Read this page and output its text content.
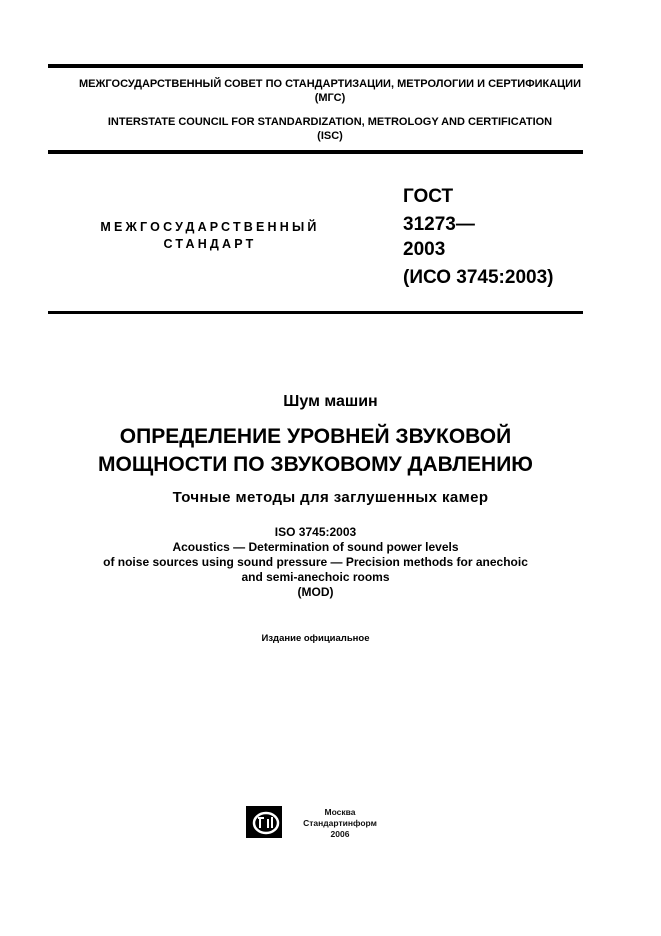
МЕЖГОСУДАРСТВЕННЫЙ СОВЕТ ПО СТАНДАРТИЗАЦИИ, МЕТРОЛОГИИ И СЕРТИФИКАЦИИ
(МГС)
INTERSTATE COUNCIL FOR STANDARDIZATION, METROLOGY AND CERTIFICATION
(ISC)
МЕЖГОСУДАРСТВЕННЫЙ
СТАНДАРТ
ГОСТ
31273—
2003
(ИСО 3745:2003)
Шум машин
ОПРЕДЕЛЕНИЕ УРОВНЕЙ ЗВУКОВОЙ
МОЩНОСТИ ПО ЗВУКОВОМУ ДАВЛЕНИЮ
Точные методы для заглушенных камер
ISO 3745:2003
Acoustics — Determination of sound power levels
of noise sources using sound pressure — Precision methods for anechoic
and semi-anechoic rooms
(MOD)
Издание официальное
Москва
Стандартинформ
2006
